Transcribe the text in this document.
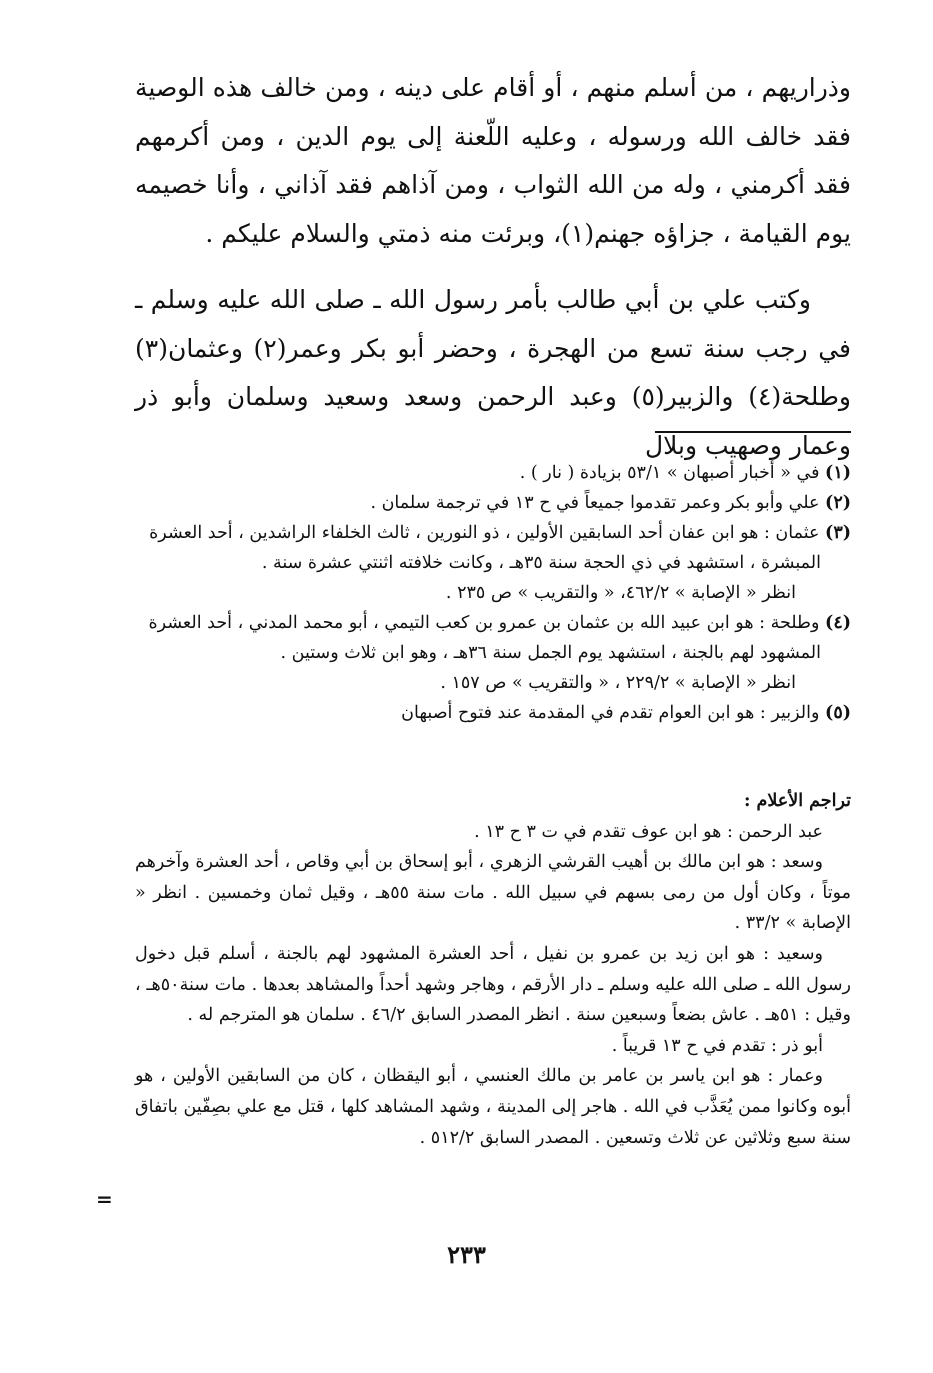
وذراريهم ، من أسلم منهم ، أو أقام على دينه ، ومن خالف هذه الوصية فقد خالف الله ورسوله ، وعليه اللّعنة إلى يوم الدين ، ومن أكرمهم فقد أكرمني ، وله من الله الثواب ، ومن آذاهم فقد آذاني ، وأنا خصيمه يوم القيامة ، جزاؤه جهنم(١)، وبرئت منه ذمتي والسلام عليكم .

وكتب علي بن أبي طالب بأمر رسول الله ـ صلى الله عليه وسلم ـ في رجب سنة تسع من الهجرة ، وحضر أبو بكر وعمر(٢) وعثمان(٣) وطلحة(٤) والزبير(٥) وعبد الرحمن وسعد وسعيد وسلمان وأبو ذر وعمار وصهيب وبلال

(١) في « أخبار أصبهان » ٥٣/١ بزيادة ( نار ) .

(٢) علي وأبو بكر وعمر تقدموا جميعاً في ح ١٣ في ترجمة سلمان .

(٣) عثمان : هو ابن عفان أحد السابقين الأولين ، ذو النورين ، ثالث الخلفاء الراشدين ، أحد العشرة

المبشرة ، استشهد في ذي الحجة سنة ٣٥هـ ، وكانت خلافته اثنتي عشرة سنة .

انظر « الإصابة » ٤٦٢/٢، « والتقريب » ص ٢٣٥ .

(٤) وطلحة : هو ابن عبيد الله بن عثمان بن عمرو بن كعب التيمي ، أبو محمد المدني ، أحد العشرة

المشهود لهم بالجنة ، استشهد يوم الجمل سنة ٣٦هـ ، وهو ابن ثلاث وستين .

انظر « الإصابة » ٢٢٩/٢ ، « والتقريب » ص ١٥٧ .

(٥) والزبير : هو ابن العوام تقدم في المقدمة عند فتوح أصبهان

تراجم الأعلام :

عبد الرحمن : هو ابن عوف تقدم في ت ٣ ح ١٣ .

وسعد : هو ابن مالك بن أهيب القرشي الزهري ، أبو إسحاق بن أبي وقاص ، أحد العشرة وآخرهم موتاً ، وكان أول من رمى بسهم في سبيل الله . مات سنة ٥٥هـ ، وقيل ثمان وخمسين . انظر « الإصابة » ٣٣/٢ .

وسعيد : هو ابن زيد بن عمرو بن نفيل ، أحد العشرة المشهود لهم بالجنة ، أسلم قبل دخول رسول الله ـ صلى الله عليه وسلم ـ دار الأرقم ، وهاجر وشهد أحداً والمشاهد بعدها . مات سنة٥٠هـ ، وقيل : ٥١هـ . عاش بضعاً وسبعين سنة . انظر المصدر السابق ٤٦/٢ . سلمان هو المترجم له .

أبو ذر : تقدم في ح ١٣ قريباً .

وعمار : هو ابن ياسر بن عامر بن مالك العنسي ، أبو اليقظان ، كان من السابقين الأولين ، هو أبوه وكانوا ممن يُعَذَّب في الله . هاجر إلى المدينة ، وشهد المشاهد كلها ، قتل مع علي بصِفّين باتفاق سنة سبع وثلاثين عن ثلاث وتسعين . المصدر السابق ٥١٢/٢ .

=
٢٣٣
